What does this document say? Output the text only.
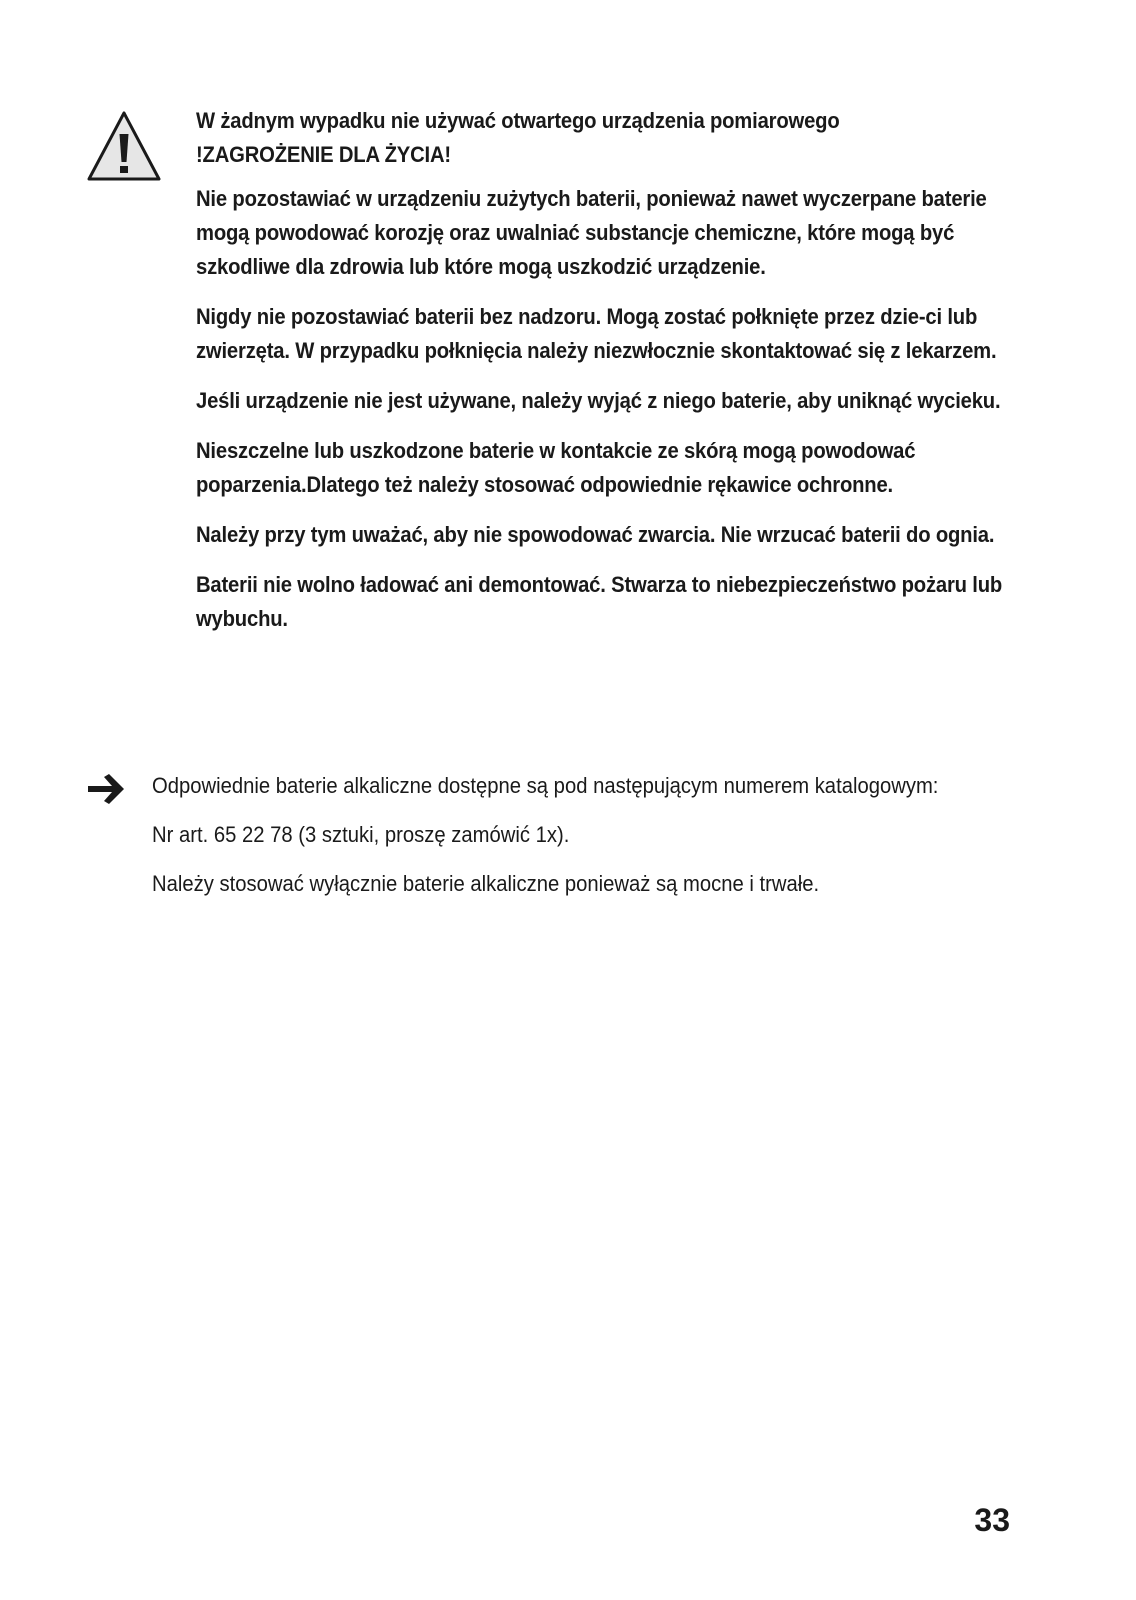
W żadnym wypadku nie używać otwartego urządzenia pomiarowego
!ZAGROŻENIE DLA ŻYCIA!

Nie pozostawiać w urządzeniu zużytych baterii, ponieważ nawet wyczerpane baterie mogą powodować korozję oraz uwalniać substancje chemiczne, które mogą być szkodliwe dla zdrowia lub które mogą uszkodzić urządzenie.

Nigdy nie pozostawiać baterii bez nadzoru. Mogą zostać połknięte przez dzie-ci lub zwierzęta. W przypadku połknięcia należy niezwłocznie skontaktować się z lekarzem.

Jeśli urządzenie nie jest używane, należy wyjąć z niego baterie, aby uniknąć wycieku.

Nieszczelne lub uszkodzone baterie w kontakcie ze skórą mogą powodować poparzenia.Dlatego też należy stosować odpowiednie rękawice ochronne.

Należy przy tym uważać, aby nie spowodować zwarcia. Nie wrzucać baterii do ognia.

Baterii nie wolno ładować ani demontować. Stwarza to niebezpieczeństwo pożaru lub wybuchu.

Odpowiednie baterie alkaliczne dostępne są pod następującym numerem katalogowym:

Nr art. 65 22 78 (3 sztuki, proszę zamówić 1x).

Należy stosować wyłącznie baterie alkaliczne ponieważ są mocne i trwałe.

33
